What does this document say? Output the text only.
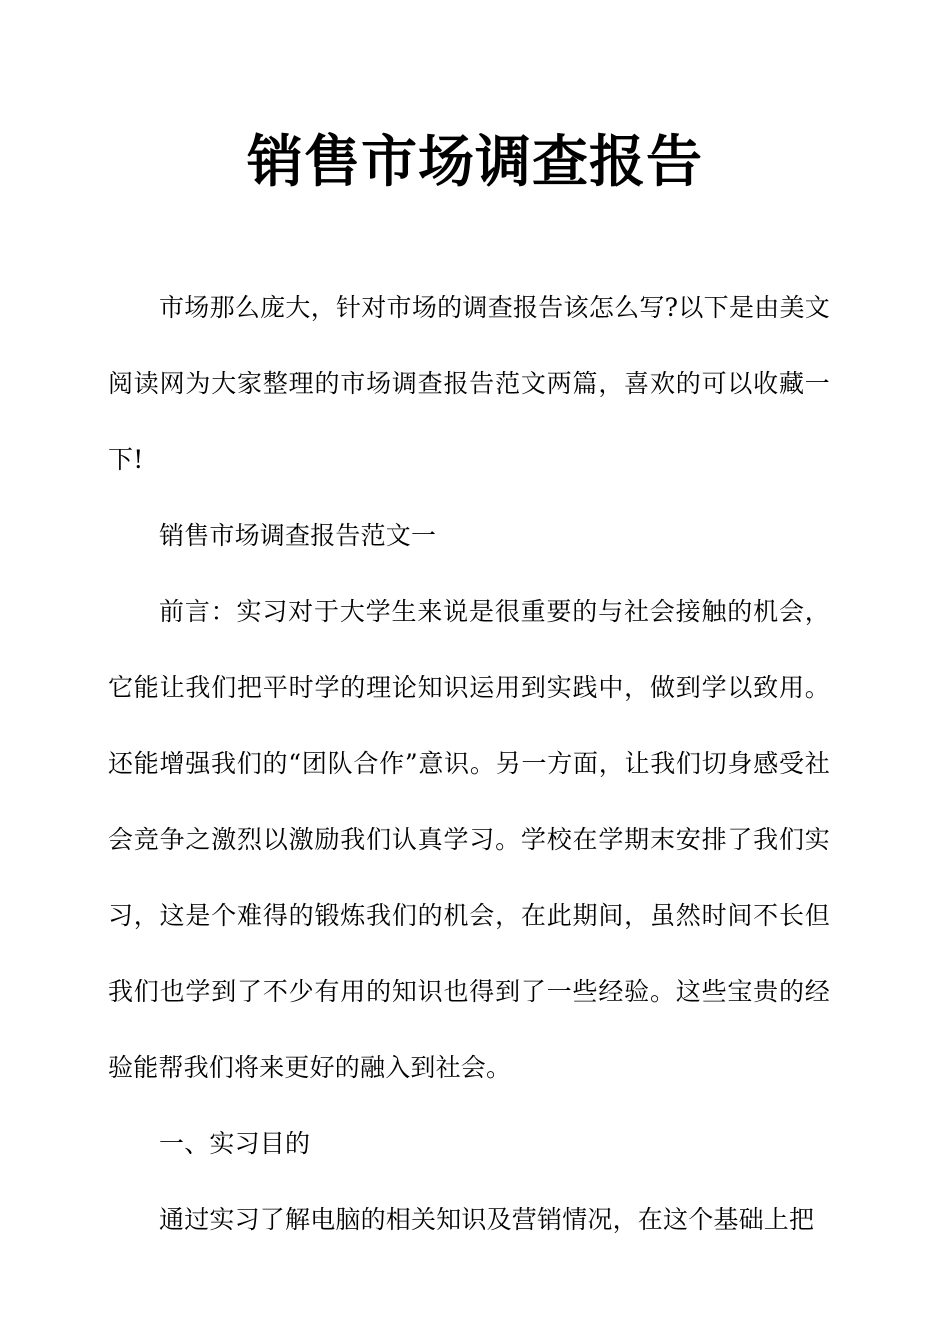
销售市场调查报告

市场那么庞大，针对市场的调查报告该怎么写?以下是由美文阅读网为大家整理的市场调查报告范文两篇，喜欢的可以收藏一下!

销售市场调查报告范文一

前言：实习对于大学生来说是很重要的与社会接触的机会，它能让我们把平时学的理论知识运用到实践中，做到学以致用。还能增强我们的“团队合作”意识。另一方面，让我们切身感受社会竞争之激烈以激励我们认真学习。学校在学期末安排了我们实习，这是个难得的锻炼我们的机会，在此期间，虽然时间不长但我们也学到了不少有用的知识也得到了一些经验。这些宝贵的经验能帮我们将来更好的融入到社会。

一、实习目的

通过实习了解电脑的相关知识及营销情况，在这个基础上把
